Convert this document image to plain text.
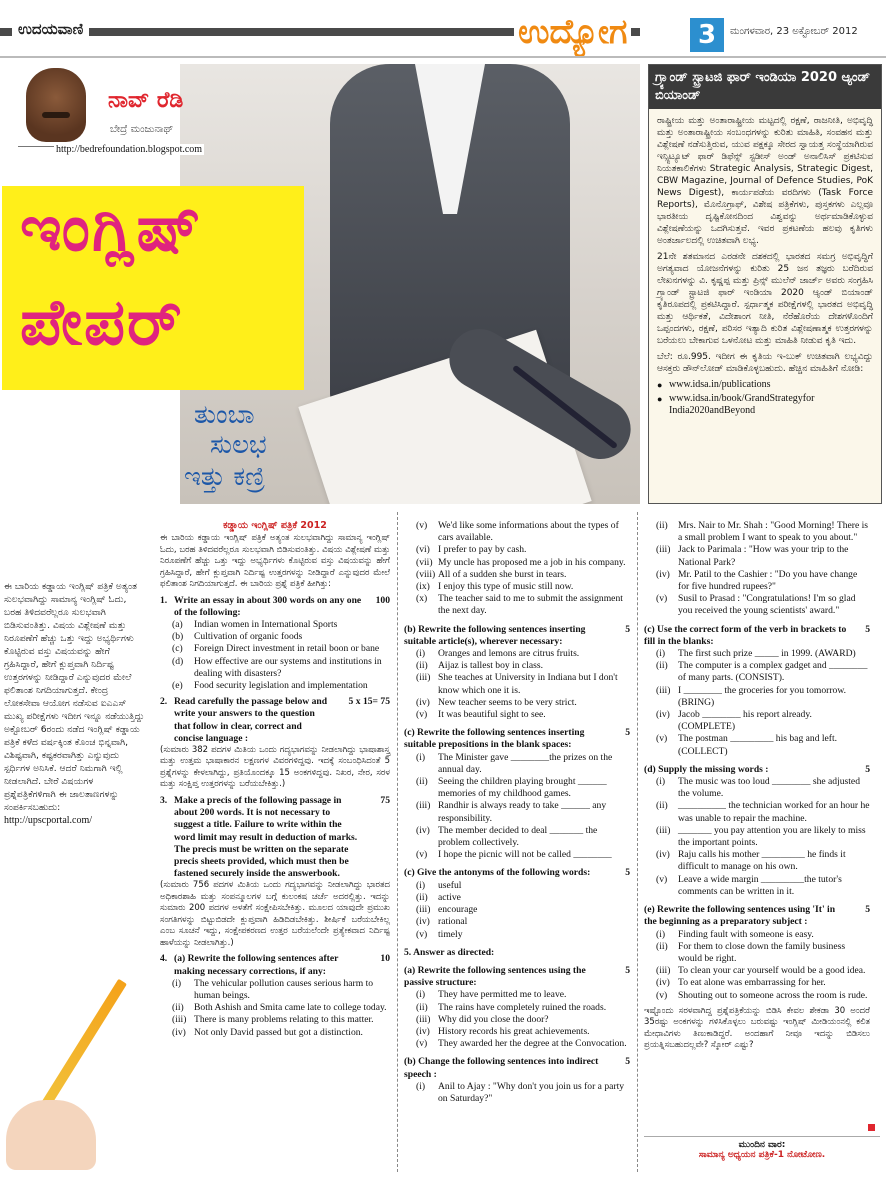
ಉದಯವಾಣಿ	ಉದ್ಯೋಗ	3	ಮಂಗಳವಾರ, 23 ಅಕ್ಟೋಬರ್ 2012
ನಾವ್ ರೆಡಿ
ಬೇದ್ರೆ ಮಂಜುನಾಥ್
http://bedrefoundation.blogspot.com
ಇಂಗ್ಲಿಷ್
ಪೇಪರ್
ತುಂಬಾ
ಸುಲಭ
ಇತ್ತು ಕಣ್ರಿ
ಗ್ರ್ಯಾಂಡ್ ಸ್ಟ್ರಾಟಜಿ ಫಾರ್ ಇಂಡಿಯಾ 2020 ಆ್ಯಂಡ್ ಬಿಯಾಂಡ್

ರಾಷ್ಟ್ರೀಯ ಮತ್ತು ಅಂತಾರಾಷ್ಟ್ರೀಯ ಮಟ್ಟದಲ್ಲಿ ರಕ್ಷಣೆ, ರಾಜನೀತಿ, ಅಭಿವೃದ್ಧಿ ಮತ್ತು ಅಂತಾರಾಷ್ಟ್ರೀಯ ಸಂಬಂಧಗಳನ್ನು ಕುರಿತು ಮಾಹಿತಿ, ಸಂವಹನ ಮತ್ತು ವಿಶ್ಲೇಷಣೆ ನಡೆಸುತ್ತಿರುವ, ಯುವ ಪಕ್ಷಕ್ಕೂ ಸೇರದ ಸ್ವಾಯತ್ತ ಸಂಸ್ಥೆಯಾಗಿರುವ ಇನ್ಸ್ಟಿಟ್ಯೂಟ್ ಫಾರ್ ಡಿಫೆನ್ಸ್ ಸ್ಟಡೀಸ್ ಅಂಡ್ ಅನಾಲಿಸಿಸ್ ಪ್ರಕಟಿಸುವ ನಿಯತಕಾಲಿಕೆಗಳು Strategic Analysis, Strategic Digest, CBW Magazine, Journal of Defence Studies, PoK News Digest), ಕಾರ್ಯಪಡೆಯ ವರದಿಗಳು (Task Force Reports), ಮೊನೊಗ್ರಾಫ್, ವಿಶೇಷ ಪತ್ರಿಕೆಗಳು, ಪುಸ್ತಕಗಳು ಎಲ್ಲವೂ ಭಾರತೀಯ ದೃಷ್ಟಿಕೋನದಿಂದ ವಿಶ್ವವನ್ನು ಅರ್ಥಮಾಡಿಕೊಳ್ಳುವ ವಿಶ್ಲೇಷಣೆಯನ್ನು ಒದಗಿಸುತ್ತವೆ. ಇವರ ಪ್ರಕಟಣೆಯ ಹಲವು ಕೃತಿಗಳು ಅಂತರ್ಜಾಲದಲ್ಲಿ ಉಚಿತವಾಗಿ ಲಭ್ಯ.

21ನೇ ಶತಮಾನದ ಎರಡನೇ ದಶಕದಲ್ಲಿ ಭಾರತದ ಸಮಗ್ರ ಅಭಿವೃದ್ಧಿಗೆ ಅಗತ್ಯವಾದ ಯೋಜನೆಗಳನ್ನು ಕುರಿತು 25 ಜನ ತಜ್ಞರು ಬರೆದಿರುವ ಲೇಖನಗಳನ್ನು ವಿ. ಕೃಷ್ಣಪ್ಪ ಮತ್ತು ಪ್ರಿನ್ಸ್ ಮುಲೆನ್ ಜಾರ್ಜ್ ಅವರು ಸಂಗ್ರಹಿಸಿ ಗ್ರ್ಯಾಂಡ್ ಸ್ಟ್ರಾಟಜಿ ಫಾರ್ ಇಂಡಿಯಾ 2020 ಆ್ಯಂಡ್ ಬಿಯಾಂಡ್ ಕೃತಿರೂಪದಲ್ಲಿ ಪ್ರಕಟಿಸಿದ್ದಾರೆ. ಸ್ಪರ್ಧಾತ್ಮಕ ಪರೀಕ್ಷೆಗಳಲ್ಲಿ ಭಾರತದ ಅಭಿವೃದ್ಧಿ ಮತ್ತು ಆರ್ಥಿಕತೆ, ವಿದೇಶಾಂಗ ನೀತಿ, ನೆರೆಹೊರೆಯ ದೇಶಗಳೊಂದಿಗೆ ಒಪ್ಪಂದಗಳು, ರಕ್ಷಣೆ, ಪರಿಸರ ಇತ್ಯಾದಿ ಕುರಿತ ವಿಶ್ಲೇಷಣಾತ್ಮಕ ಉತ್ತರಗಳನ್ನು ಬರೆಯಲು ಬೇಕಾಗುವ ಒಳನೋಟ ಮತ್ತು ಮಾಹಿತಿ ನೀಡುವ ಕೃತಿ ಇದು.

ಬೆಲೆ: ರೂ.995. ಇದೀಗ ಈ ಕೃತಿಯ ಇ-ಬುಕ್ ಉಚಿತವಾಗಿ ಲಭ್ಯವಿದ್ದು ಆಸಕ್ತರು ಡೌನ್‌ಲೋಡ್ ಮಾಡಿಕೊಳ್ಳಬಹುದು. ಹೆಚ್ಚಿನ ಮಾಹಿತಿಗೆ ನೋಡಿ:

● www.idsa.in/publications
● www.idsa.in/book/GrandStrategyfor India2020andBeyond
ಈ ಬಾರಿಯ ಕಡ್ಡಾಯ ಇಂಗ್ಲಿಷ್ ಪತ್ರಿಕೆ ಅತ್ಯಂತ ಸುಲಭವಾಗಿದ್ದು ಸಾಮಾನ್ಯ ಇಂಗ್ಲಿಷ್ ಓದು, ಬರಹ ತಿಳಿದವರೆಲ್ಲರೂ ಸುಲಭವಾಗಿ ಬಿಡಿಸುವಂತಿತ್ತು. ವಿಷಯ ವಿಶ್ಲೇಷಣೆ ಮತ್ತು ನಿರೂಪಣೆಗೆ ಹೆಚ್ಚು ಒತ್ತು ಇದ್ದು ಅಭ್ಯರ್ಥಿಗಳು ಕೊಟ್ಟಿರುವ ವಸ್ತು ವಿಷಯವನ್ನು ಹೇಗೆ ಗ್ರಹಿಸಿದ್ದಾರೆ, ಹೇಗೆ ಕ್ಲುಪ್ತವಾಗಿ ನಿರ್ದಿಷ್ಟ ಉತ್ತರಗಳನ್ನು ನೀಡಿದ್ದಾರೆ ಎನ್ನುವುದರ ಮೇಲೆ ಫಲಿತಾಂಶ ನಿಗದಿಯಾಗುತ್ತದೆ. ಕೇಂದ್ರ ಲೋಕಸೇವಾ ಆಯೋಗ ನಡೆಸುವ ಐಎಎಸ್ ಮುಖ್ಯ ಪರೀಕ್ಷೆಗಳು ಇದೀಗ ಇನ್ನೂ ನಡೆಯುತ್ತಿದ್ದು ಅಕ್ಟೋಬರ್ 6ರಂದು ನಡೆದ ಇಂಗ್ಲಿಷ್ ಕಡ್ಡಾಯ ಪತ್ರಿಕೆ ಕಳೆದ ವರ್ಷಕ್ಕಿಂತ ಕೊಂಚ ಭಿನ್ನವಾಗಿ, ವಿಶಿಷ್ಟವಾಗಿ, ಕಷ್ಟಕರವಾಗಿತ್ತು ಎನ್ನುವುದು ಸ್ಪರ್ಧಿಗಳ ಅನಿಸಿಕೆ. ಆದರೆ ನಿಮಗಾಗಿ ಇಲ್ಲಿ ನೀಡಲಾಗಿದೆ. ಬೇರೆ ವಿಷಯಗಳ ಪ್ರಶ್ನೆಪತ್ರಿಕೆಗಳಿಗಾಗಿ ಈ ಜಾಲತಾಣಗಳನ್ನು ಸಂಪರ್ಕಿಸಬಹುದು:
http://upscportal.com/
ಕಡ್ಡಾಯ ಇಂಗ್ಲಿಷ್ ಪತ್ರಿಕೆ 2012
ಈ ಬಾರಿಯ ಕಡ್ಡಾಯ ಇಂಗ್ಲಿಷ್ ಪತ್ರಿಕೆ ಅತ್ಯಂತ ಸುಲಭವಾಗಿದ್ದು ಸಾಮಾನ್ಯ ಇಂಗ್ಲಿಷ್ ಓದು, ಬರಹ ತಿಳಿದವರೆಲ್ಲರೂ ಸುಲಭವಾಗಿ ಬಿಡಿಸುವಂತಿತ್ತು. ವಿಷಯ ವಿಶ್ಲೇಷಣೆ ಮತ್ತು ನಿರೂಪಣೆಗೆ ಹೆಚ್ಚು ಒತ್ತು ಇದ್ದು ಅಭ್ಯರ್ಥಿಗಳು ಕೊಟ್ಟಿರುವ ವಸ್ತು ವಿಷಯವನ್ನು ಹೇಗೆ ಗ್ರಹಿಸಿದ್ದಾರೆ, ಹೇಗೆ ಕ್ಲುಪ್ತವಾಗಿ ನಿರ್ದಿಷ್ಟ ಉತ್ತರಗಳನ್ನು ನೀಡಿದ್ದಾರೆ ಎನ್ನುವುದರ ಮೇಲೆ ಫಲಿತಾಂಶ ನಿಗದಿಯಾಗುತ್ತದೆ. ಈ ಬಾರಿಯ ಪ್ರಶ್ನೆ ಪತ್ರಿಕೆ ಹೀಗಿತ್ತು:
1. Write an essay in about 300 words on any one of the following:
100
(a)	Indian women in International Sports
(b)	Cultivation of organic foods
(c)	Foreign Direct investment in retail boon or bane
(d)	How effective are our systems and institutions in dealing with disasters?
(e)	Food security legislation and implementation
2. Read carefully the passage below and write your answers to the question that follow in clear, correct and concise language :
5 x 15= 75
(ಸುಮಾರು 382 ಪದಗಳ ಮಿತಿಯ ಒಂದು ಗದ್ಯಭಾಗವನ್ನು ನೀಡಲಾಗಿದ್ದು ಭಾಷಾಶಾಸ್ತ್ರ ಮತ್ತು ಉತ್ತಮ ಭಾಷಾಕಾರನ ಲಕ್ಷಣಗಳ ವಿವರಗಳಿದ್ದವು. ಇದಕ್ಕೆ ಸಂಬಂಧಿಸಿದಂತೆ 5 ಪ್ರಶ್ನೆಗಳನ್ನು ಕೇಳಲಾಗಿದ್ದು, ಪ್ರತಿಯೊಂದಕ್ಕೂ 15 ಅಂಕಗಳಿದ್ದವು. ನಿಖರ, ನೇರ, ಸರಳ ಮತ್ತು ಸಂಕ್ಷಿಪ್ತ ಉತ್ತರಗಳನ್ನು ಬರೆಯಬೇಕಿತ್ತು.)
3. Make a precis of the following passage in about 200 words. It is not necessary to suggest a title. Failure to write within the word limit may result in deduction of marks. The precis must be written on the separate precis sheets provided, which must then be fastened securely inside the answerbook.
75
(ಸುಮಾರು 756 ಪದಗಳ ಮಿತಿಯ ಒಂದು ಗದ್ಯಭಾಗವನ್ನು ನೀಡಲಾಗಿದ್ದು ಭಾರತದ ಅಧಿಕಾರಶಾಹಿ ಮತ್ತು ಸಂಪನ್ಮೂಲಗಳ ಬಗ್ಗೆ ಕುಲಂಕಷ ಚರ್ಚೆ ಅದರಲ್ಲಿತ್ತು. ಇದನ್ನು ಸುಮಾರು 200 ಪದಗಳ ಅಳತೆಗೆ ಸಂಕ್ಷೇಪಿಸಬೇಕಿತ್ತು. ಮೂಲದ ಯಾವುದೇ ಪ್ರಮುಖ ಸಂಗತಿಗಳನ್ನು ಬಿಟ್ಟುಬಿಡದೇ ಕ್ಲುಪ್ತವಾಗಿ ಹಿಡಿದಿಡಬೇಕಿತ್ತು. ಶೀರ್ಷಿಕೆ ಬರೆಯಬೇಕಿಲ್ಲ ಎಂಬ ಸೂಚನೆ ಇದ್ದು, ಸಂಕ್ಷೇಪಕರಣದ ಉತ್ತರ ಬರೆಯಲೆಂದೇ ಪ್ರತ್ಯೇಕವಾದ ನಿರ್ದಿಷ್ಟ ಹಾಳೆಯನ್ನು ನೀಡಲಾಗಿತ್ತು.)
4. (a) Rewrite the following sentences after making necessary corrections, if any:
10
(i)	The vehicular pollution causes serious harm to human beings.
(ii)	Both Ashish and Smita came late to college today.
(iii) There is many problems relating to this matter.
(iv) Not only David passed but got a distinction.
(v)	We'd like some informations about the types of cars available.
(vi) I prefer to pay by cash.
(vii) My uncle has proposed me a job in his company.
(viii) All of a sudden she burst in tears.
(ix) I enjoy this type of music still now.
(x)	The teacher said to me to submit the assignment the next day.
(b) Rewrite the following sentences inserting suitable article(s), wherever necessary:
5
(i)	Oranges and lemons are citrus fruits.
(ii)	Aijaz is tallest boy in class.
(iii) She teaches at University in Indiana but I don't know which one it is.
(iv) New teacher seems to be very strict.
(v)	It was beautiful sight to see.
(c) Rewrite the following sentences inserting suitable prepositions in the blank spaces:
5
(i)	The Minister gave ________the prizes on the annual day.
(ii)	Seeing the children playing brought ______ memories of my childhood games.
(iii) Randhir is always ready to take ______ any responsibility.
(iv) The member decided to deal _______ the problem collectively.
(v)	I hope the picnic will not be called ________
(c) Give the antonyms of the following words:	5
(i)	useful
(ii)	active
(iii) encourage
(iv) rational
(v)	timely
5. Answer as directed:
(a) Rewrite the following sentences using the passive structure:
5
(i)	They have permitted me to leave.
(ii)	The rains have completely ruined the roads.
(iii) Why did you close the door?
(iv) History records his great achievements.
(v)	They awarded her the degree at the Convocation.
(b) Change the following sentences into indirect speech :
5
(i)	Anil to Ajay : "Why don't you join us for a party on Saturday?"
(ii)	Mrs. Nair to Mr. Shah : "Good Morning! There is a small problem I want to speak to you about."
(iii) Jack to Parimala : "How was your trip to the National Park?
(iv) Mr. Patil to the Cashier : "Do you have change for five hundred rupees?"
(v)	Susil to Prasad : "Congratulations! I'm so glad you received the young scientists' award."
(c) Use the correct form of the verb in brackets to fill in the blanks:
5
(i)	The first such prize _____ in 1999. (AWARD)
(ii)	The computer is a complex gadget and ________ of many parts. (CONSIST).
(iii) I ________ the groceries for you tomorrow. (BRING)
(iv) Jacob ________ his report already. (COMPLETE)
(v)	The postman _________ his bag and left. (COLLECT)
(d) Supply the missing words :	5
(i)	The music was too loud ________ she adjusted the volume.
(ii)	__________ the technician worked for an hour he was unable to repair the machine.
(iii) _______ you pay attention you are likely to miss the important points.
(iv) Raju calls his mother _________ he finds it difficult to manage on his own.
(v)	Leave a wide margin _________the tutor's comments can be written in it.
(e) Rewrite the following sentences using 'It' in the beginning as a preparatory subject :
5
(i)	Finding fault with someone is easy.
(ii)	For them to close down the family business would be right.
(iii) To clean your car yourself would be a good idea.
(iv) To eat alone was embarrassing for her.
(v)	Shouting out to someone across the room is rude.
ಇಷ್ಟೊಂದು ಸರಳವಾಗಿದ್ದ ಪ್ರಶ್ನೆಪತ್ರಿಕೆಯನ್ನು ಬಿಡಿಸಿ ಕೇವಲ ಶೇಕಡಾ 30 ಅಂದರೆ 35ರಷ್ಟು ಅಂಕಗಳನ್ನು ಗಳಿಸಿಕೊಳ್ಳಲು ಬರುವಷ್ಟು ಇಂಗ್ಲಿಷ್ ಮೀಡಿಯಂನಲ್ಲಿ ಕಲಿತ ಮೇಧಾವಿಗಳು ತಿಣುಕಾಡಿದ್ದರೆ. ಅಂದಹಾಗೆ ನೀವೂ ಇದನ್ನು ಬಿಡಿಸಲು ಪ್ರಯತ್ನಿಸಬಹುದಲ್ಲವೇ? ಸ್ಕೋರ್ ಎಷ್ಟು?
ಮುಂದಿನ ವಾರ:
ಸಾಮಾನ್ಯ ಅಧ್ಯಯನ ಪತ್ರಿಕೆ-1 ನೋಟೋಣ.
